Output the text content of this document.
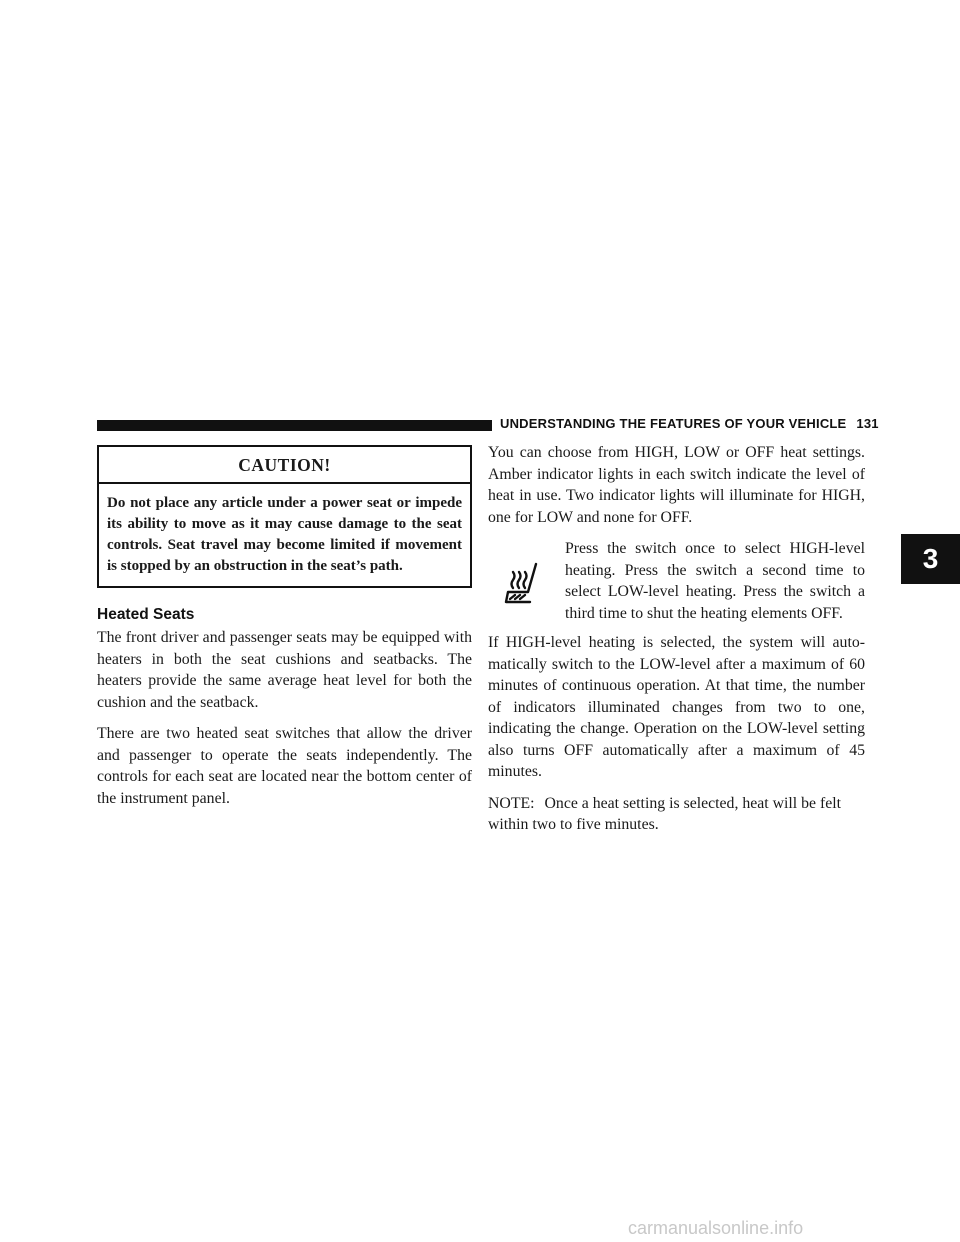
UNDERSTANDING THE FEATURES OF YOUR VEHICLE 131
CAUTION!
Do not place any article under a power seat or impede its ability to move as it may cause damage to the seat controls. Seat travel may become limited if movement is stopped by an obstruction in the seat’s path.
Heated Seats

The front driver and passenger seats may be equipped with heaters in both the seat cushions and seatbacks. The heaters provide the same average heat level for both the cushion and the seatback.

There are two heated seat switches that allow the driver and passenger to operate the seats independently. The controls for each seat are located near the bottom center of the instrument panel.

You can choose from HIGH, LOW or OFF heat settings. Amber indicator lights in each switch indicate the level of heat in use. Two indicator lights will illuminate for HIGH, one for LOW and none for OFF.

Press the switch once to select HIGH-level heating. Press the switch a second time to select LOW-level heating. Press the switch a third time to shut the heating elements OFF.

If HIGH-level heating is selected, the system will auto-matically switch to the LOW-level after a maximum of 60 minutes of continuous operation. At that time, the number of indicators illuminated changes from two to one, indicating the change. Operation on the LOW-level setting also turns OFF automatically after a maximum of 45 minutes.

NOTE: Once a heat setting is selected, heat will be felt within two to five minutes.

3
carmanualsonline.info
